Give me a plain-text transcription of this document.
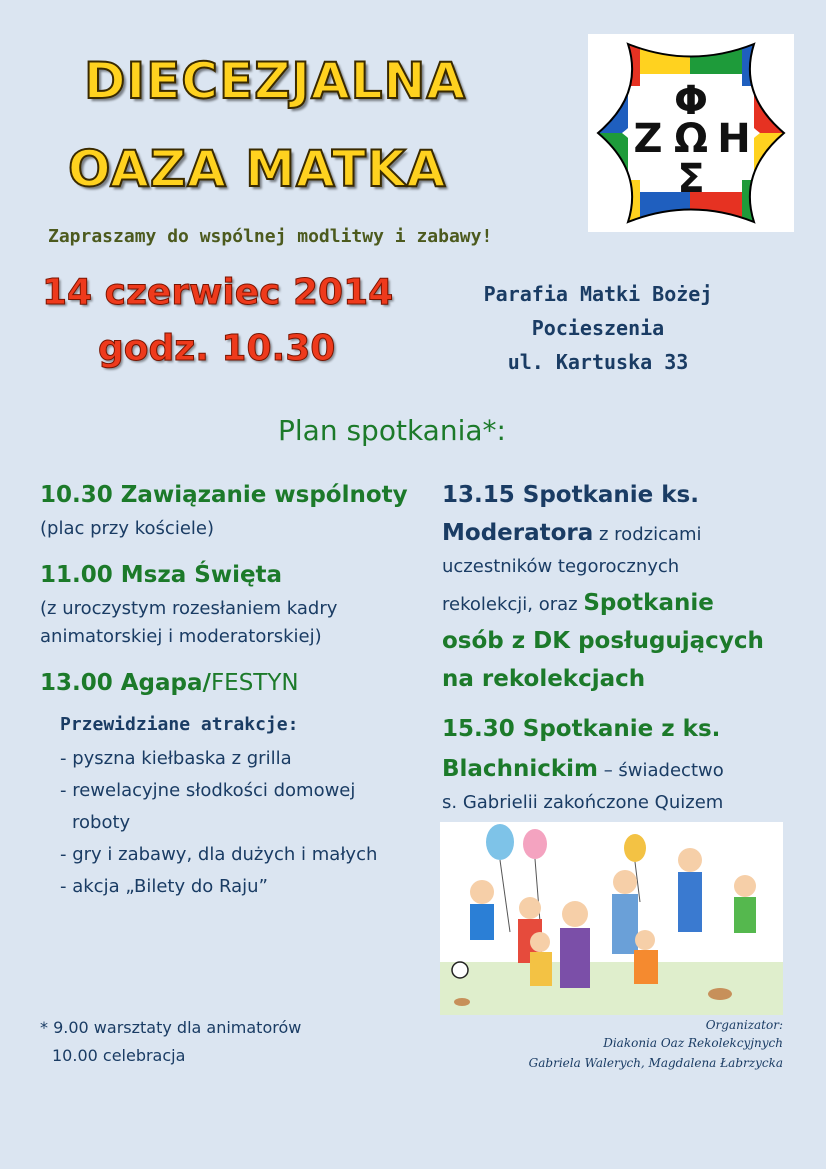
DIECEZJALNA
OAZA MATKA
Φ
Ζ Ω Η
Σ
Zapraszamy do wspólnej modlitwy i zabawy!
14 czerwiec 2014
godz. 10.30
Parafia Matki Bożej
Pocieszenia
ul. Kartuska 33
Plan spotkania*:
10.30 Zawiązanie wspólnoty
(plac przy kościele)
11.00 Msza Święta
(z uroczystym rozesłaniem kadry
animatorskiej i moderatorskiej)
13.00 Agapa/FESTYN
Przewidziane atrakcje:
- pyszna kiełbaska z grilla
- rewelacyjne słodkości domowej
roboty
- gry i zabawy, dla dużych i małych
- akcja „Bilety do Raju”
13.15 Spotkanie ks.
Moderatora z rodzicami
uczestników tegorocznych
rekolekcji, oraz Spotkanie
osób z DK posługujących
na rekolekcjach
15.30 Spotkanie z ks.
Blachnickim – świadectwo
s. Gabrielii zakończone Quizem
* 9.00 warsztaty dla animatorów
10.00 celebracja
Organizator:
Diakonia Oaz Rekolekcyjnych
Gabriela Walerych, Magdalena Łabrzycka
